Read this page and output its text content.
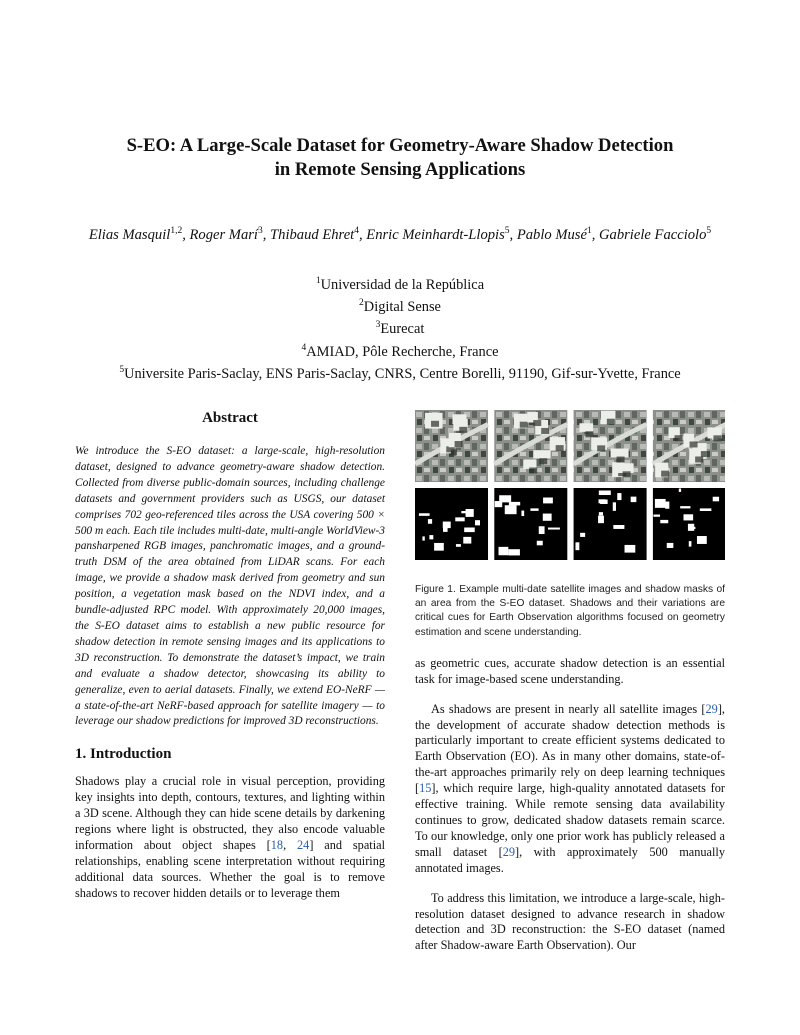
S-EO: A Large-Scale Dataset for Geometry-Aware Shadow Detection
in Remote Sensing Applications
Elias Masquil$^{1,2}$, Roger Marí$^3$, Thibaud Ehret$^4$, Enric Meinhardt-Llopis$^5$, Pablo Musé$^1$, Gabriele Facciolo$^5$
$^1$Universidad de la República
$^2$Digital Sense
$^3$Eurecat
$^4$AMIAD, Pôle Recherche, France
$^5$Universite Paris-Saclay, ENS Paris-Saclay, CNRS, Centre Borelli, 91190, Gif-sur-Yvette, France
Abstract

We introduce the S-EO dataset: a large-scale, high-resolution dataset, designed to advance geometry-aware shadow detection. Collected from diverse public-domain sources, including challenge datasets and government providers such as USGS, our dataset comprises 702 geo-referenced tiles across the USA covering 500 × 500 m each. Each tile includes multi-date, multi-angle WorldView-3 pansharpened RGB images, panchromatic images, and a ground-truth DSM of the area obtained from LiDAR scans. For each image, we provide a shadow mask derived from geometry and sun position, a vegetation mask based on the NDVI index, and a bundle-adjusted RPC model. With approximately 20,000 images, the S-EO dataset aims to establish a new public resource for shadow detection in remote sensing images and its applications to 3D reconstruction. To demonstrate the dataset’s impact, we train and evaluate a shadow detector, showcasing its ability to generalize, even to aerial datasets. Finally, we extend EO-NeRF — a state-of-the-art NeRF-based approach for satellite imagery — to leverage our shadow predictions for improved 3D reconstructions.

1. Introduction

Shadows play a crucial role in visual perception, providing key insights into depth, contours, textures, and lighting within a 3D scene. Although they can hide scene details by darkening regions where light is obstructed, they also encode valuable information about object shapes [18, 24] and spatial relationships, enabling scene interpretation without requiring additional data sources. Whether the goal is to remove shadows to recover hidden details or to leverage them

Figure 1. Example multi-date satellite images and shadow masks of an area from the S-EO dataset. Shadows and their variations are critical cues for Earth Observation algorithms focused on geometry estimation and scene understanding.

as geometric cues, accurate shadow detection is an essential task for image-based scene understanding.

As shadows are present in nearly all satellite images [29], the development of accurate shadow detection methods is particularly important to create efficient systems dedicated to Earth Observation (EO). As in many other domains, state-of-the-art approaches primarily rely on deep learning techniques [15], which require large, high-quality annotated datasets for effective training. While remote sensing data availability continues to grow, dedicated shadow datasets remain scarce. To our knowledge, only one prior work has publicly released a small dataset [29], with approximately 500 manually annotated images.

To address this limitation, we introduce a large-scale, high-resolution dataset designed to advance research in shadow detection and 3D reconstruction: the S-EO dataset (named after Shadow-aware Earth Observation). Our
